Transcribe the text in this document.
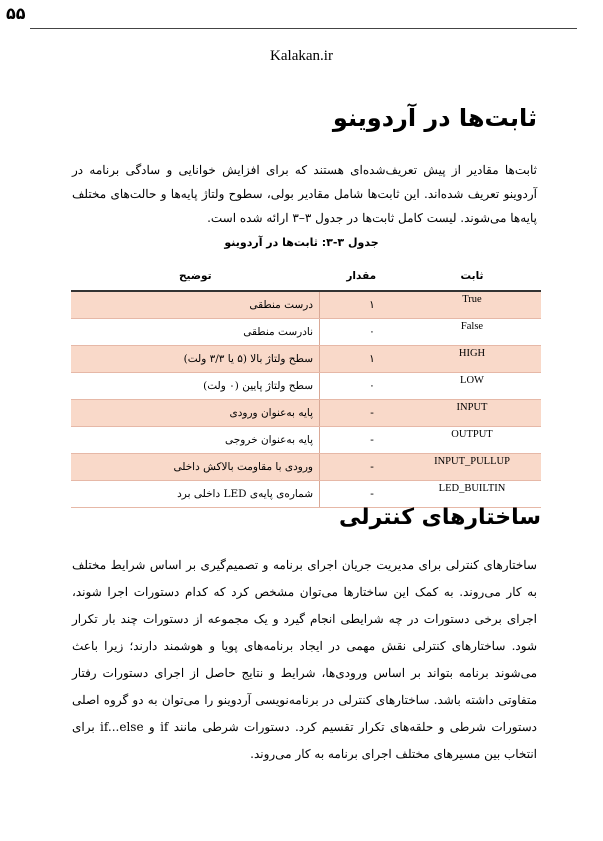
۵۵
Kalakan.ir
ثابت‌ها در آردوینو
ثابت‌ها مقادیر از پیش تعریف‌شده‌ای هستند که برای افزایش خوانایی و سادگی برنامه در آردوینو تعریف شده‌اند. این ثابت‌ها شامل مقادیر بولی، سطوح ولتاژ پایه‌ها و حالت‌های مختلف پایه‌ها می‌شوند. لیست کامل ثابت‌ها در جدول ۳–۳ ارائه شده است.
جدول ۳-۳: ثابت‌ها در آردوینو
توضیح	مقدار	ثابت
درست منطقی	۱	True
نادرست منطقی	۰	False
سطح ولتاژ بالا (۵ یا ۳/۳ ولت)	۱	HIGH
سطح ولتاژ پایین (۰ ولت)	۰	LOW
پایه به‌عنوان ورودی	-	INPUT
پایه به‌عنوان خروجی	-	OUTPUT
ورودی با مقاومت بالاکش داخلی	-	INPUT_PULLUP
شماره‌ی پایه‌ی LED داخلی برد	-	LED_BUILTIN
ساختارهای کنترلی
ساختارهای کنترلی برای مدیریت جریان اجرای برنامه و تصمیم‌گیری بر اساس شرایط مختلف به کار می‌روند. به کمک این ساختارها می‌توان مشخص کرد که کدام دستورات اجرا شوند، اجرای برخی دستورات در چه شرایطی انجام گیرد و یک مجموعه از دستورات چند بار تکرار شود. ساختارهای کنترلی نقش مهمی در ایجاد برنامه‌های پویا و هوشمند دارند؛ زیرا باعث می‌شوند برنامه بتواند بر اساس ورودی‌ها، شرایط و نتایج حاصل از اجرای دستورات رفتار متفاوتی داشته باشد. ساختارهای کنترلی در برنامه‌نویسی آردوینو را می‌توان به دو گروه اصلی دستورات شرطی و حلقه‌های تکرار تقسیم کرد. دستورات شرطی مانند if و if...else برای انتخاب بین مسیرهای مختلف اجرای برنامه به کار می‌روند.
